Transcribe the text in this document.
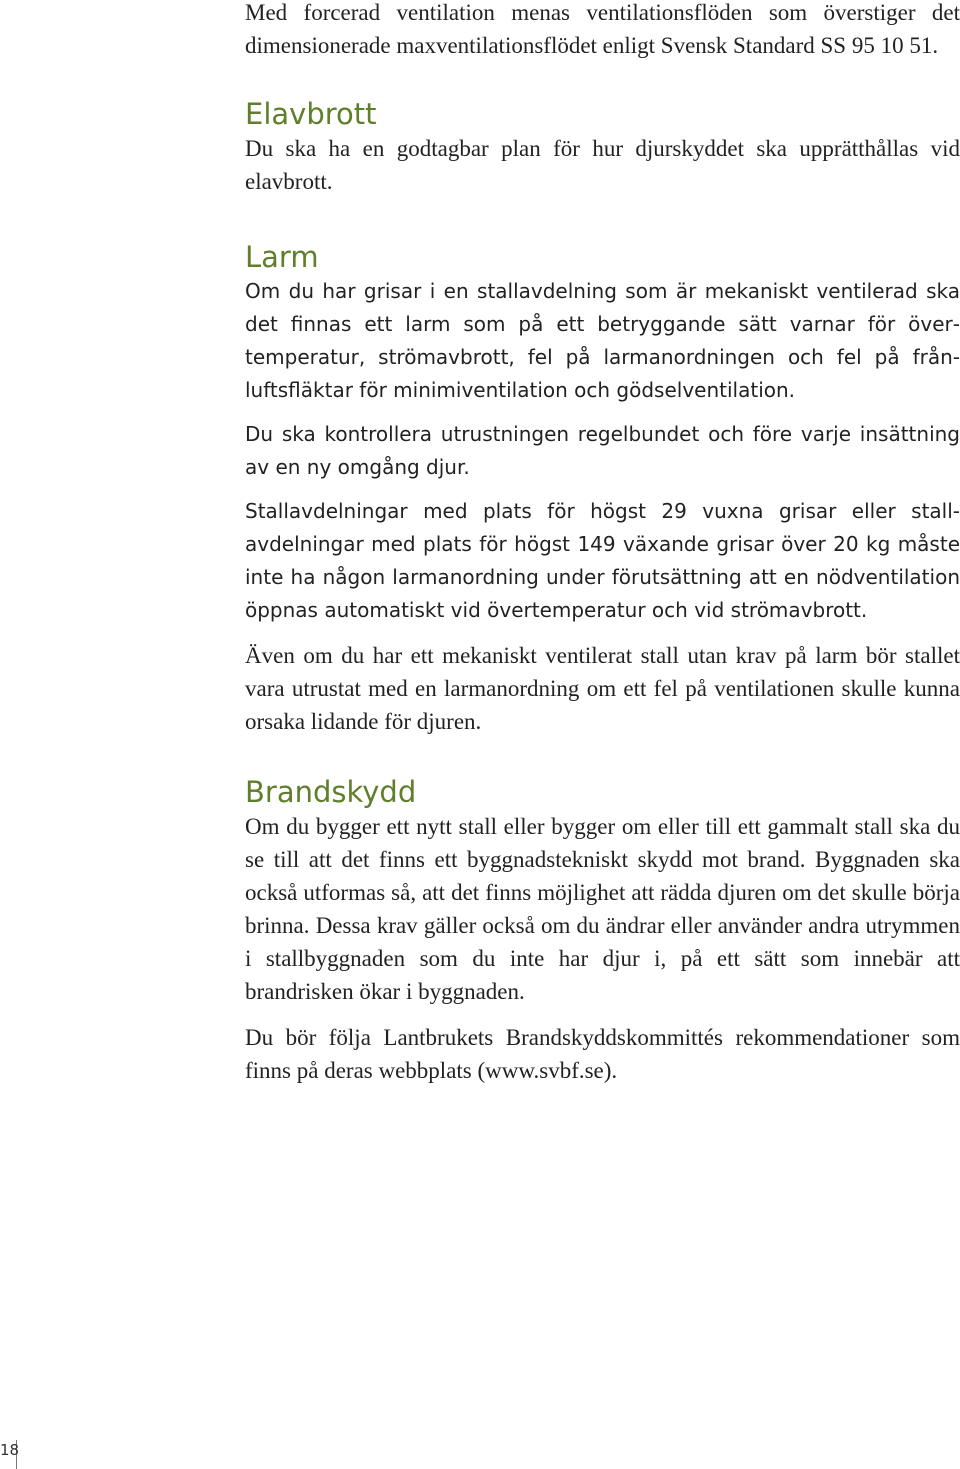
Med forcerad ventilation menas ventilationsflöden som överstiger det dimensionerade maxventilationsflödet enligt Svensk Standard SS 95 10 51.

Elavbrott

Du ska ha en godtagbar plan för hur djurskyddet ska upprätthållas vid elavbrott.

Larm

Om du har grisar i en stallavdelning som är mekaniskt ventilerad ska det finnas ett larm som på ett betryggande sätt varnar för övertemperatur, strömavbrott, fel på larmanordningen och fel på frånluftsfläktar för minimiventilation och gödselventilation.

Du ska kontrollera utrustningen regelbundet och före varje insättning av en ny omgång djur.

Stallavdelningar med plats för högst 29 vuxna grisar eller stallavdelningar med plats för högst 149 växande grisar över 20 kg måste inte ha någon larmanordning under förutsättning att en nödventilation öppnas automatiskt vid övertemperatur och vid strömavbrott.

Även om du har ett mekaniskt ventilerat stall utan krav på larm bör stallet vara utrustat med en larmanordning om ett fel på ventilationen skulle kunna orsaka lidande för djuren.

Brandskydd

Om du bygger ett nytt stall eller bygger om eller till ett gammalt stall ska du se till att det finns ett byggnadstekniskt skydd mot brand. Byggnaden ska också utformas så, att det finns möjlighet att rädda djuren om det skulle börja brinna. Dessa krav gäller också om du ändrar eller använder andra utrymmen i stallbyggnaden som du inte har djur i, på ett sätt som innebär att brandrisken ökar i byggnaden.

Du bör följa Lantbrukets Brandskyddskommittés rekommendationer som finns på deras webbplats (www.svbf.se).

18
